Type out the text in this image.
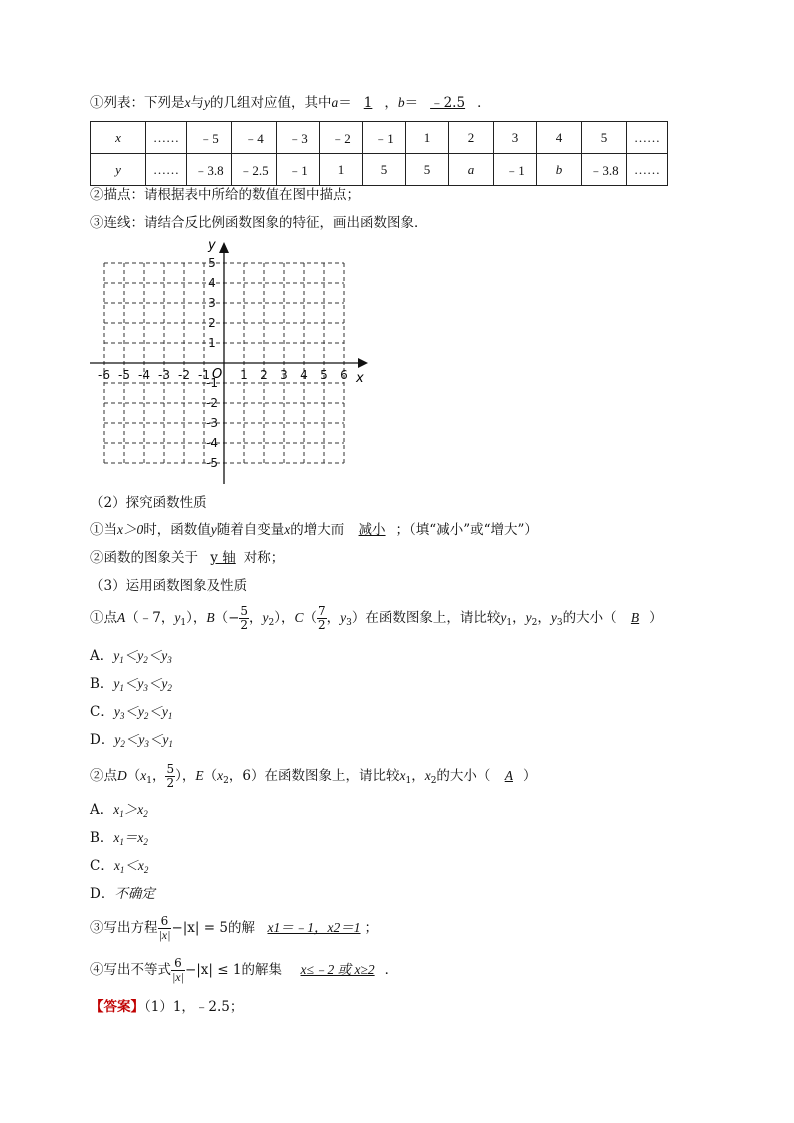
①列表：下列是x与y的几组对应值，其中a＝ 1 ，b＝ ﹣2.5 ．
x	……	﹣5	﹣4	﹣3	﹣2	﹣1	1	2	3	4	5	……
y	……	﹣3.8	﹣2.5	﹣1	1	5	5	a	﹣1	b	﹣3.8	……
②描点：请根据表中所给的数值在图中描点；
③连线：请结合反比例函数图象的特征，画出函数图象．
-6 -5 -4 -3 -2 -1	1 2 3 4 5 6
5
4
3
2
1
-1
-2
-3
-4
-5
y
x
O
（2）探究函数性质
①当x＞0时，函数值y随着自变量x的增大而 减小 ；（填“减小”或“增大”）
②函数的图象关于 y 轴 对称；
（3）运用函数图象及性质
①点A（﹣7，$y_1$），$B(- \frac{5}{2}$ ，$y_2$），$C( \frac{7}{2}$ ，$y_3$）在函数图象上，请比较$y_1$，$y_2$，$y_3$的大小（ B ）
A．$y_1<y_2<y_3$
B．$y_1<y_3<y_2$
C．$y_3<y_2<y_1$
D．$y_2<y_3<y_1$
②点$D(x_1$， $\frac{5}{2}$ ），$E(x_2$，6）在函数图象上，请比较$x_1$，$x_2$的大小（ A ）
A．$x_1>x_2$
B．$x_1=x_2$
C．$x_1<x_2$
D．不确定
③写出方程 $\frac{6}{|x|} -|x| = 5$的解 x1＝﹣1，x2＝1 ；
④写出不等式 $\frac{6}{|x|} -|x| \le 1$的解集 x≤﹣2 或 x≥2 ．
【答案】（1）1，﹣2.5；
